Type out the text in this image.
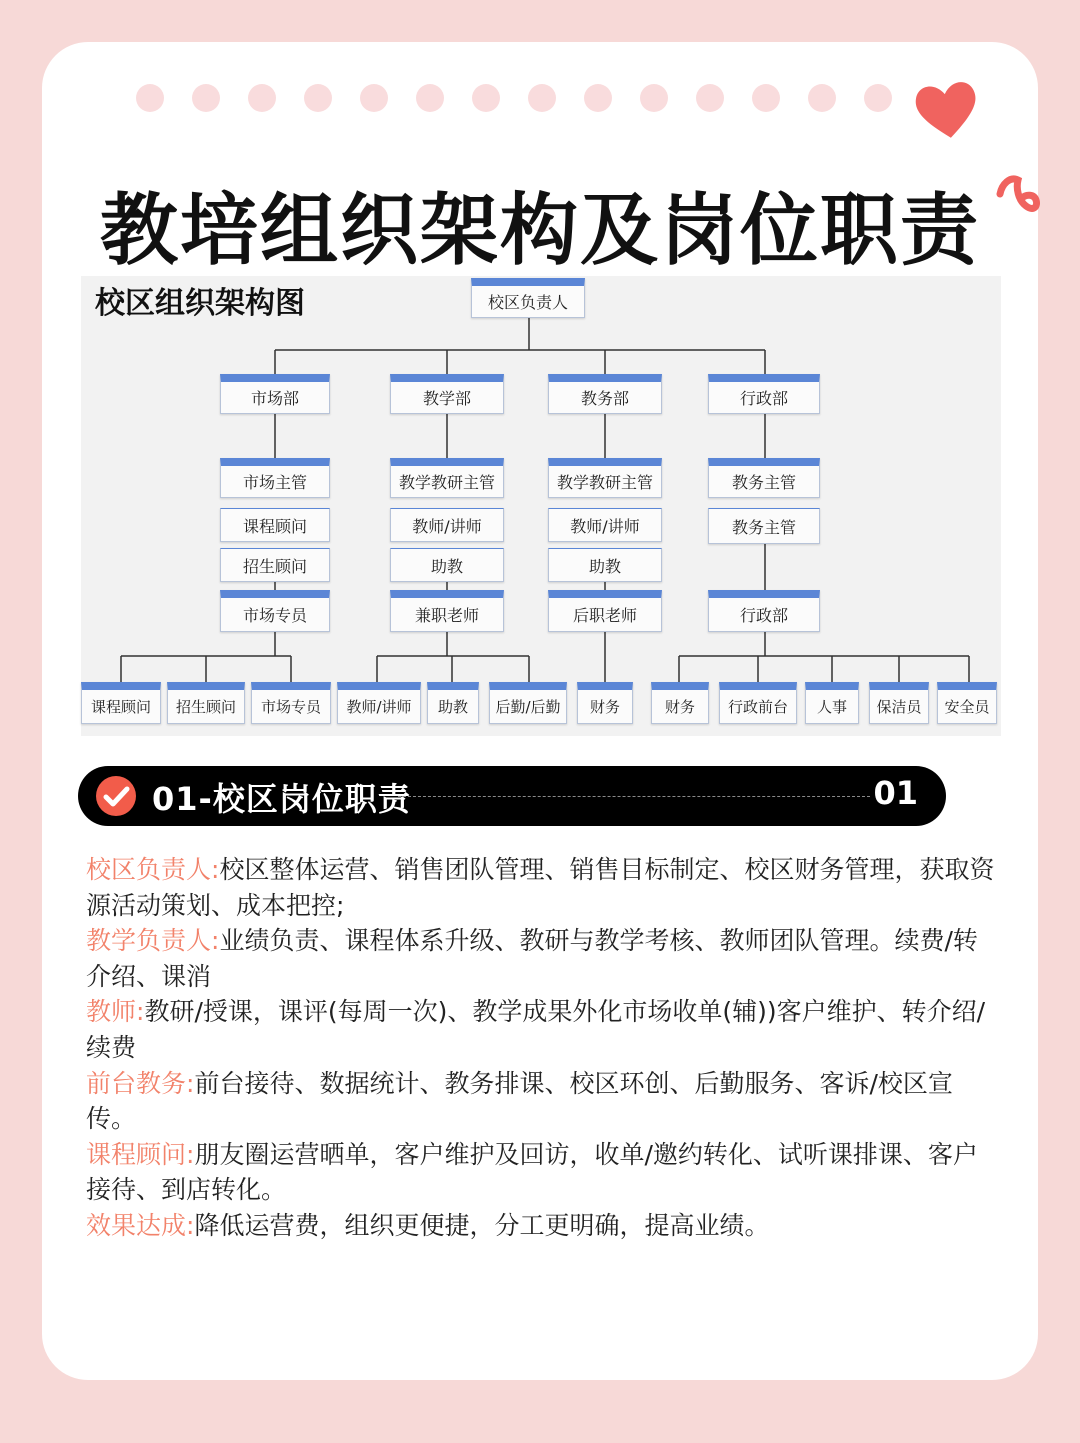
教培组织架构及岗位职责
校区组织架构图	校区负责人
市场部	教学部	教务部	行政部
市场主管
课程顾问
招生顾问
市场专员
教学教研主管
教师/讲师
助教
兼职老师
教学教研主管
教师/讲师
助教
后职老师
教务主管
教务主管
行政部
课程顾问	招生顾问	市场专员	教师/讲师	助教	后勤/后勤	财务	财务	行政前台	人事	保洁员	安全员
01-校区岗位职责	01

校区负责人:校区整体运营、销售团队管理、销售目标制定、校区财务管理，获取资源活动策划、成本把控;

教学负责人:业绩负责、课程体系升级、教研与教学考核、教师团队管理。续费/转介绍、课消

教师:教研/授课，课评(每周一次)、教学成果外化市场收单(辅))客户维护、转介绍/续费

前台教务:前台接待、数据统计、教务排课、校区环创、后勤服务、客诉/校区宣传。

课程顾问:朋友圈运营晒单，客户维护及回访，收单/邀约转化、试听课排课、客户接待、到店转化。

效果达成:降低运营费，组织更便捷，分工更明确，提高业绩。
